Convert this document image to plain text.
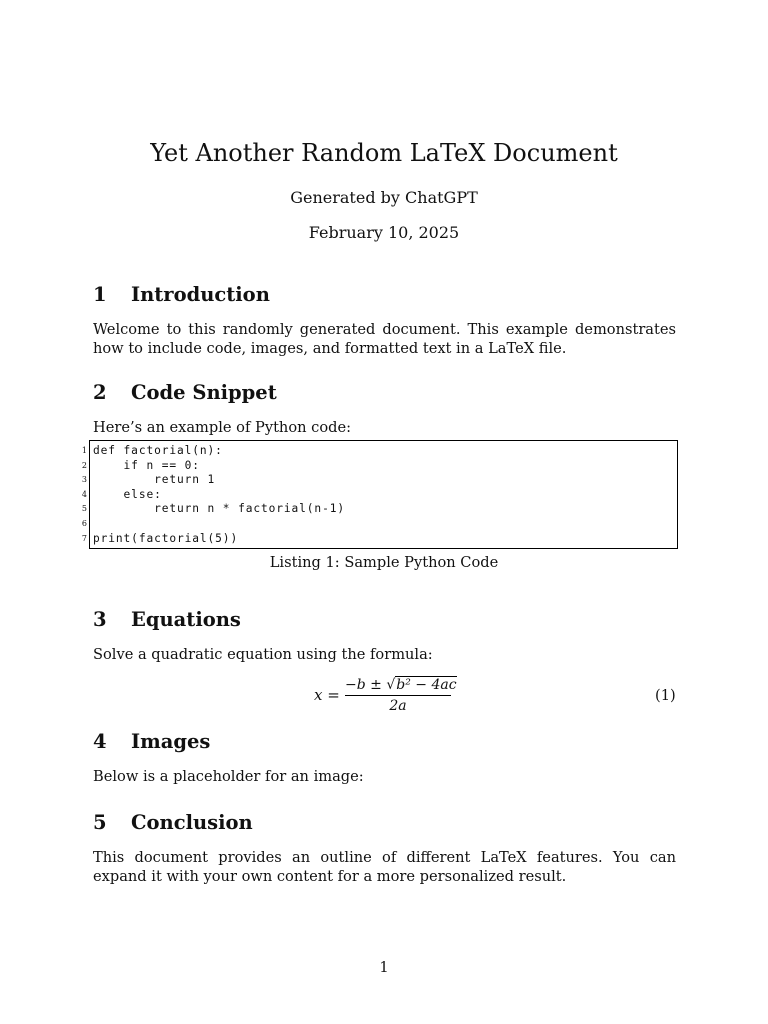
Yet Another Random LaTeX Document
Generated by ChatGPT
February 10, 2025
1 Introduction
Welcome to this randomly generated document. This example demonstrates how to include code, images, and formatted text in a LaTeX file.
2 Code Snippet
Here’s an example of Python code:
1 def factorial(n):
2 if n == 0:
3 return 1
4 else:
5 return n * factorial(n-1)
6
7 print(factorial(5))
Listing 1: Sample Python Code
3 Equations
Solve a quadratic equation using the formula:
$x = \frac{\text{−b ± √b² − 4ac}}{2a}$	(1)
4 Images
Below is a placeholder for an image:
5 Conclusion
This document provides an outline of different LaTeX features. You can expand it with your own content for a more personalized result.
1
